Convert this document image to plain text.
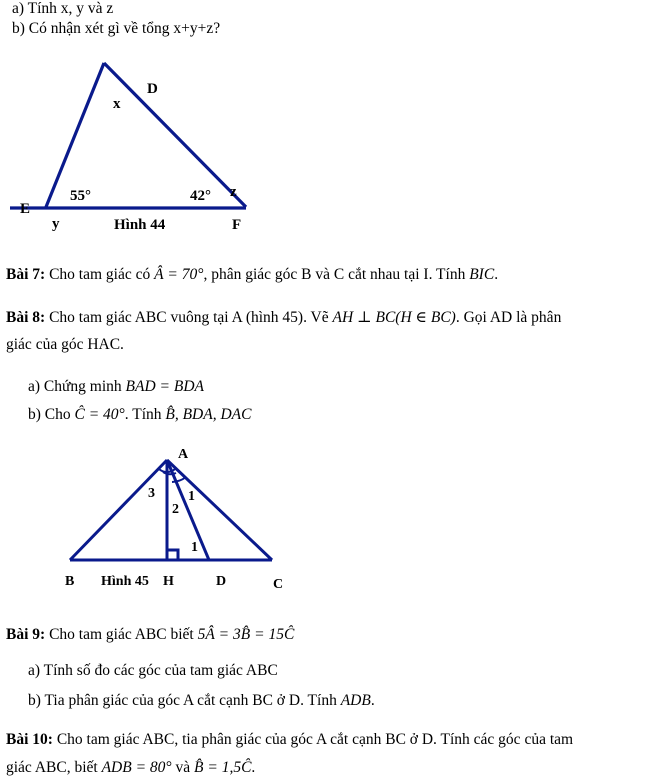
a) Tính x, y và z
b) Có nhận xét gì về tổng x+y+z?
D
x
55°	42° z
E
y	Hình 44	F
Bài 7: Cho tam giác có Â = 70°, phân giác góc B và C cắt nhau tại I. Tính BIC.
Bài 8: Cho tam giác ABC vuông tại A (hình 45). Vẽ AH ⊥ BC(H ∈ BC). Gọi AD là phân
giác của góc HAC.
a) Chứng minh BAD = BDA
b) Cho Ĉ = 40°. Tính B̂, BDA, DAC
A
3
2
1
1
B Hình 45 H	D	C
Bài 9: Cho tam giác ABC biết 5Â = 3B̂ = 15Ĉ
a) Tính số đo các góc của tam giác ABC
b) Tia phân giác của góc A cắt cạnh BC ở D. Tính ADB.
Bài 10: Cho tam giác ABC, tia phân giác của góc A cắt cạnh BC ở D. Tính các góc của tam
giác ABC, biết ADB = 80° và B̂ = 1,5Ĉ.
